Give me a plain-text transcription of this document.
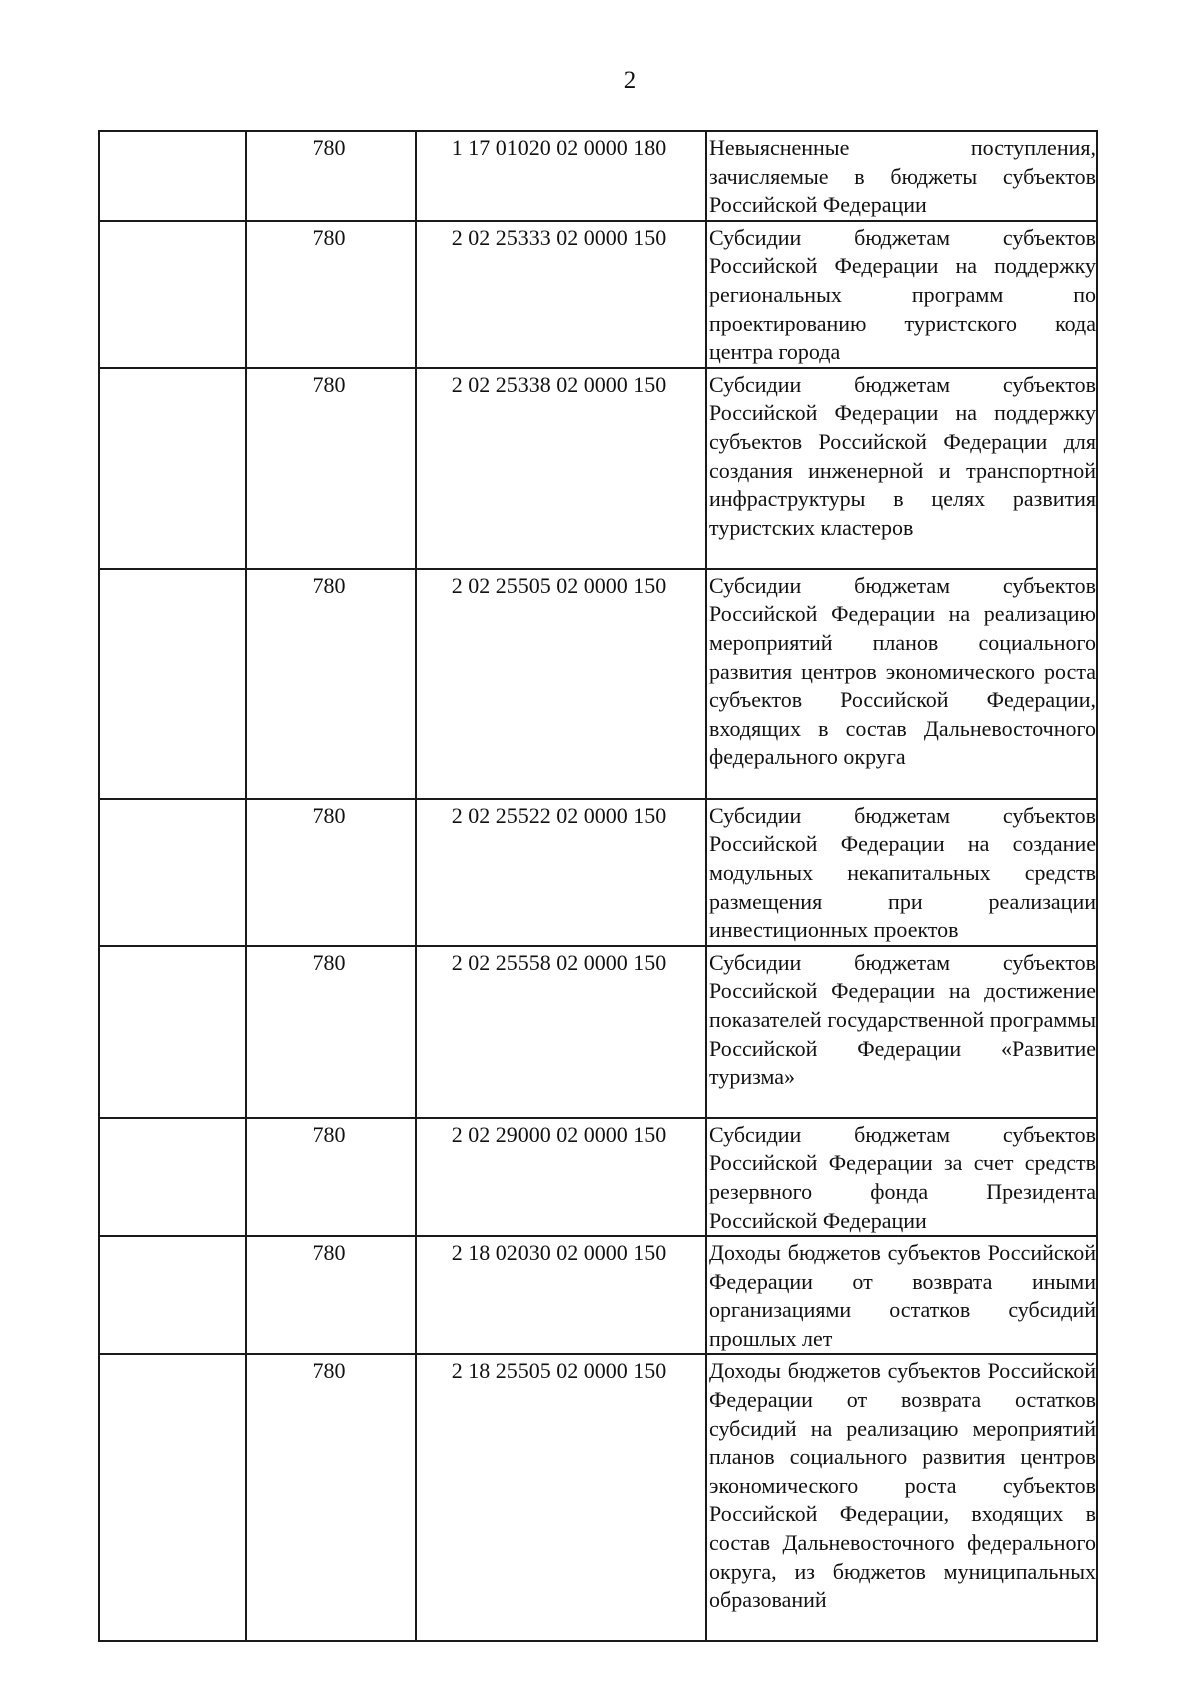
2
	780	1 17 01020 02 0000 180	Невыясненные поступления, зачисляемые в бюджеты субъектов Российской Федерации
	780	2 02 25333 02 0000 150	Субсидии бюджетам субъектов Российской Федерации на поддержку региональных программ по проектированию туристского кода центра города
	780	2 02 25338 02 0000 150	Субсидии бюджетам субъектов Российской Федерации на поддержку субъектов Российской Федерации для создания инженерной и транспортной инфраструктуры в целях развития туристских кластеров
	780	2 02 25505 02 0000 150	Субсидии бюджетам субъектов Российской Федерации на реализацию мероприятий планов социального развития центров экономического роста субъектов Российской Федерации, входящих в состав Дальневосточного федерального округа
	780	2 02 25522 02 0000 150	Субсидии бюджетам субъектов Российской Федерации на создание модульных некапитальных средств размещения при реализации инвестиционных проектов
	780	2 02 25558 02 0000 150	Субсидии бюджетам субъектов Российской Федерации на достижение показателей государственной программы Российской Федерации «Развитие туризма»
	780	2 02 29000 02 0000 150	Субсидии бюджетам субъектов Российской Федерации за счет средств резервного фонда Президента Российской Федерации
	780	2 18 02030 02 0000 150	Доходы бюджетов субъектов Российской Федерации от возврата иными организациями остатков субсидий прошлых лет
	780	2 18 25505 02 0000 150	Доходы бюджетов субъектов Российской Федерации от возврата остатков субсидий на реализацию мероприятий планов социального развития центров экономического роста субъектов Российской Федерации, входящих в состав Дальневосточного федерального округа, из бюджетов муниципальных образований
